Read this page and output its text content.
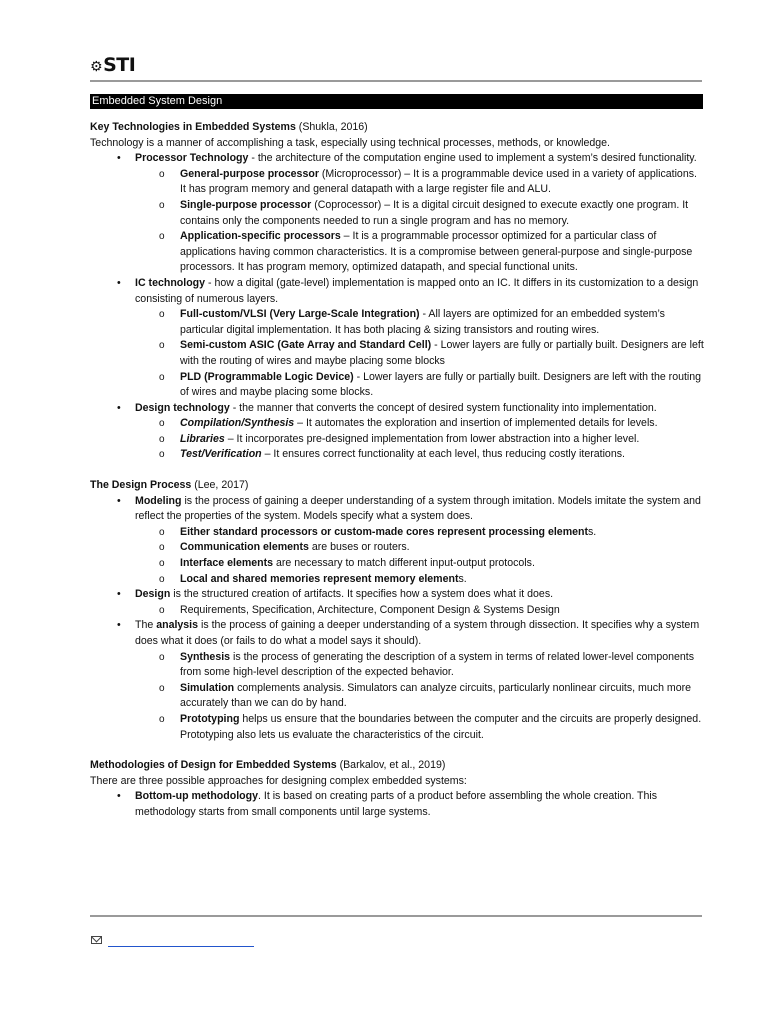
⚙STI
Embedded System Design

Key Technologies in Embedded Systems (Shukla, 2016)

Technology is a manner of accomplishing a task, especially using technical processes, methods, or knowledge.

• Processor Technology - the architecture of the computation engine used to implement a system’s desired functionality.
o General-purpose processor (Microprocessor) – It is a programmable device used in a variety of applications. It has program memory and general datapath with a large register file and ALU.
o Single-purpose processor (Coprocessor) – It is a digital circuit designed to execute exactly one program. It contains only the components needed to run a single program and has no memory.
o Application-specific processors – It is a programmable processor optimized for a particular class of applications having common characteristics. It is a compromise between general-purpose and single-purpose processors. It has program memory, optimized datapath, and special functional units.
• IC technology - how a digital (gate-level) implementation is mapped onto an IC. It differs in its customization to a design consisting of numerous layers.
o Full-custom/VLSI (Very Large-Scale Integration) - All layers are optimized for an embedded system’s particular digital implementation. It has both placing & sizing transistors and routing wires.
o Semi-custom ASIC (Gate Array and Standard Cell) - Lower layers are fully or partially built. Designers are left with the routing of wires and maybe placing some blocks
o PLD (Programmable Logic Device) - Lower layers are fully or partially built. Designers are left with the routing of wires and maybe placing some blocks.
• Design technology - the manner that converts the concept of desired system functionality into implementation.
o Compilation/Synthesis – It automates the exploration and insertion of implemented details for levels.
o Libraries – It incorporates pre-designed implementation from lower abstraction into a higher level.
o Test/Verification – It ensures correct functionality at each level, thus reducing costly iterations.

The Design Process (Lee, 2017)

• Modeling is the process of gaining a deeper understanding of a system through imitation. Models imitate the system and reflect the properties of the system. Models specify what a system does.
o Either standard processors or custom-made cores represent processing elements.
o Communication elements are buses or routers.
o Interface elements are necessary to match different input-output protocols.
o Local and shared memories represent memory elements.
• Design is the structured creation of artifacts. It specifies how a system does what it does.
o Requirements, Specification, Architecture, Component Design & Systems Design
• The analysis is the process of gaining a deeper understanding of a system through dissection. It specifies why a system does what it does (or fails to do what a model says it should).
o Synthesis is the process of generating the description of a system in terms of related lower-level components from some high-level description of the expected behavior.
o Simulation complements analysis. Simulators can analyze circuits, particularly nonlinear circuits, much more accurately than we can do by hand.
o Prototyping helps us ensure that the boundaries between the computer and the circuits are properly designed. Prototyping also lets us evaluate the characteristics of the circuit.

Methodologies of Design for Embedded Systems (Barkalov, et al., 2019)

There are three possible approaches for designing complex embedded systems:

• Bottom-up methodology. It is based on creating parts of a product before assembling the whole creation. This methodology starts from small components until large systems.
